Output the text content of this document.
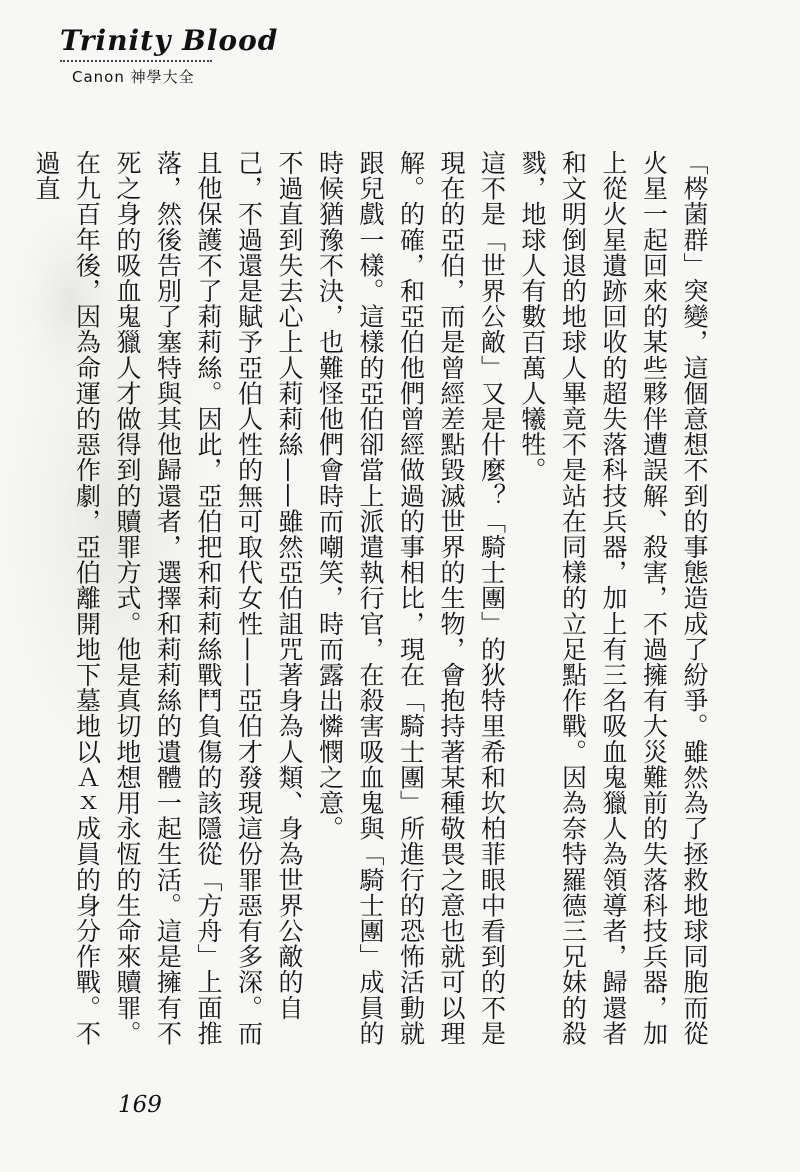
Trinity Blood
Canon 神學大全

「梣菌群」突變，這個意想不到的事態造成了紛爭。雖然為了拯救地球同胞而從火星一起回來的某些夥伴遭誤解、殺害，不過擁有大災難前的失落科技兵器，加上從火星遺跡回收的超失落科技兵器，加上有三名吸血鬼獵人為領導者，歸還者和文明倒退的地球人畢竟不是站在同樣的立足點作戰。因為奈特羅德三兄妹的殺戮，地球人有數百萬人犧牲。

這不是「世界公敵」又是什麼？「騎士團」的狄特里希和坎柏菲眼中看到的不是現在的亞伯，而是曾經差點毀滅世界的生物，會抱持著某種敬畏之意也就可以理解。的確，和亞伯他們曾經做過的事相比，現在「騎士團」所進行的恐怖活動就跟兒戲一樣。這樣的亞伯卻當上派遣執行官，在殺害吸血鬼與「騎士團」成員的時候猶豫不決，也難怪他們會時而嘲笑，時而露出憐憫之意。

不過直到失去心上人莉莉絲——雖然亞伯詛咒著身為人類、身為世界公敵的自己，不過還是賦予亞伯人性的無可取代女性——亞伯才發現這份罪惡有多深。而且他保護不了莉莉絲。因此，亞伯把和莉莉絲戰鬥負傷的該隱從「方舟」上面推落，然後告別了塞特與其他歸還者，選擇和莉莉絲的遺體一起生活。這是擁有不死之身的吸血鬼獵人才做得到的贖罪方式。他是真切地想用永恆的生命來贖罪。

在九百年後，因為命運的惡作劇，亞伯離開地下墓地以Ａｘ成員的身分作戰。不過直

169
